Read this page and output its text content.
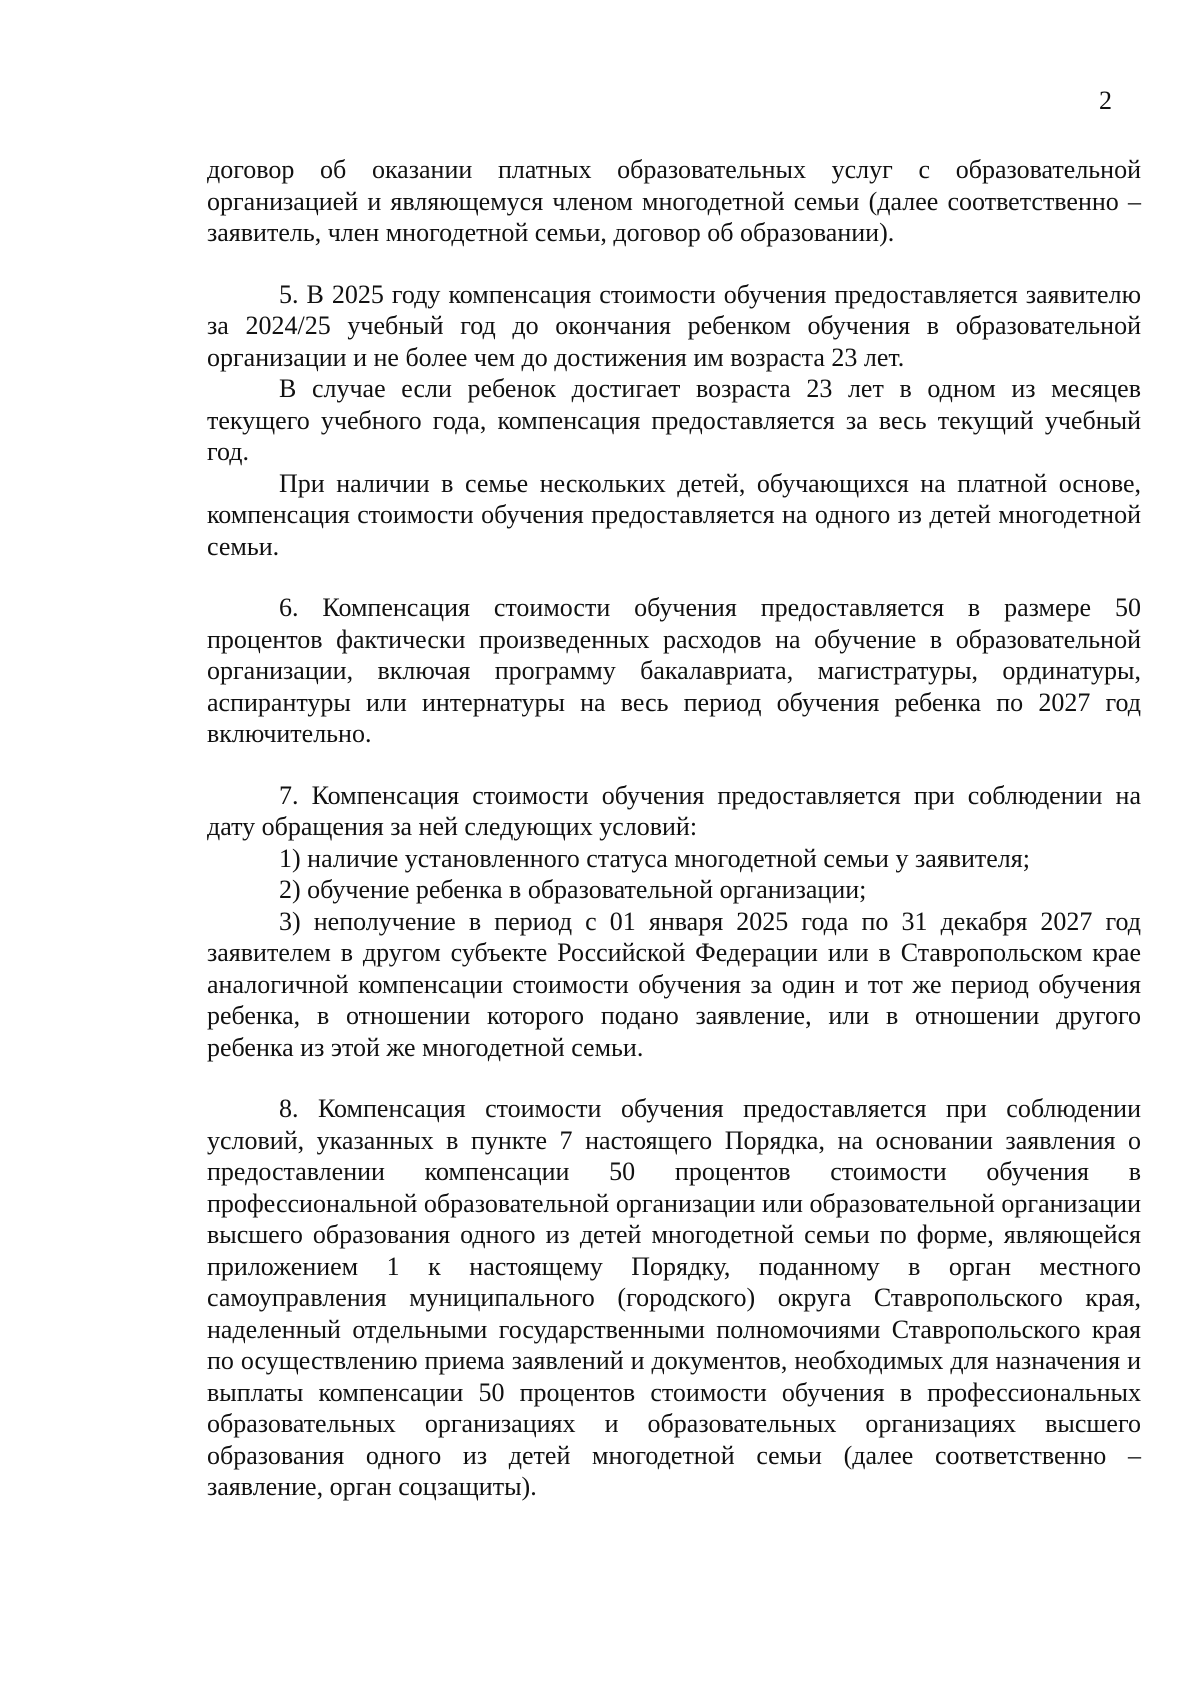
2

договор об оказании платных образовательных услуг с образовательной организацией и являющемуся членом многодетной семьи (далее соответственно – заявитель, член многодетной семьи, договор об образовании).

5. В 2025 году компенсация стоимости обучения предоставляется заявителю за 2024/25 учебный год до окончания ребенком обучения в образовательной организации и не более чем до достижения им возраста 23 лет.

В случае если ребенок достигает возраста 23 лет в одном из месяцев текущего учебного года, компенсация предоставляется за весь текущий учебный год.

При наличии в семье нескольких детей, обучающихся на платной основе, компенсация стоимости обучения предоставляется на одного из детей многодетной семьи.

6. Компенсация стоимости обучения предоставляется в размере 50 процентов фактически произведенных расходов на обучение в образовательной организации, включая программу бакалавриата, магистратуры, ординатуры, аспирантуры или интернатуры на весь период обучения ребенка по 2027 год включительно.

7. Компенсация стоимости обучения предоставляется при соблюдении на дату обращения за ней следующих условий:

1) наличие установленного статуса многодетной семьи у заявителя;

2) обучение ребенка в образовательной организации;

3) неполучение в период с 01 января 2025 года по 31 декабря 2027 год заявителем в другом субъекте Российской Федерации или в Ставропольском крае аналогичной компенсации стоимости обучения за один и тот же период обучения ребенка, в отношении которого подано заявление, или в отношении другого ребенка из этой же многодетной семьи.

8. Компенсация стоимости обучения предоставляется при соблюдении условий, указанных в пункте 7 настоящего Порядка, на основании заявления о предоставлении компенсации 50 процентов стоимости обучения в профессиональной образовательной организации или образовательной организации высшего образования одного из детей многодетной семьи по форме, являющейся приложением 1 к настоящему Порядку, поданному в орган местного самоуправления муниципального (городского) округа Ставропольского края, наделенный отдельными государственными полномочиями Ставропольского края по осуществлению приема заявлений и документов, необходимых для назначения и выплаты компенсации 50 процентов стоимости обучения в профессиональных образовательных организациях и образовательных организациях высшего образования одного из детей многодетной семьи (далее соответственно – заявление, орган соцзащиты).
